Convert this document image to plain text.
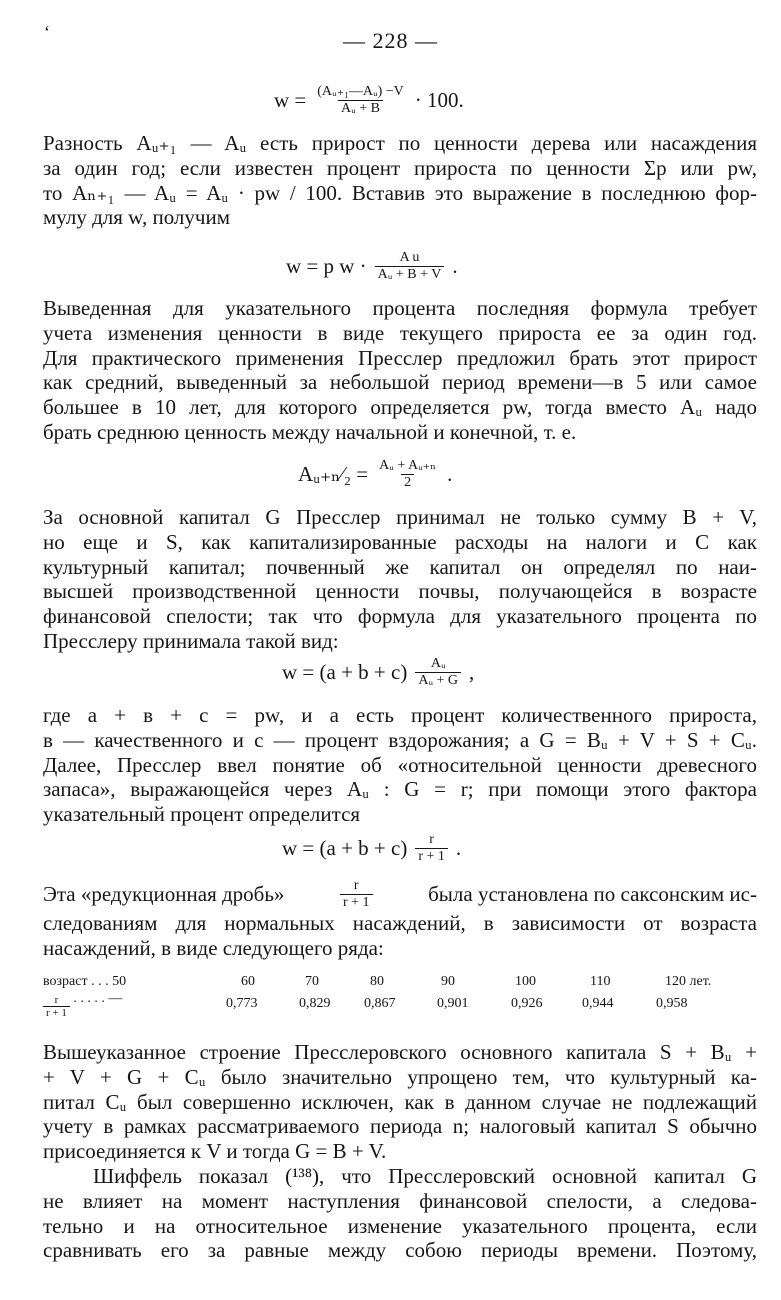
‘	— 228 —
$w = \frac{\text{(Aᵤ₊₁—Aᵤ) −V}}{\text{Aᵤ + B}} \cdot 100$.
Разность Aᵤ₊₁ — Aᵤ есть прирост по ценности дерева или насаждения
за один год; если известен процент прироста по ценности Σp или pw,
то Aₙ₊₁ — Aᵤ = Aᵤ · pw / 100. Вставив это выражение в последнюю фор-
мулу для w, получим
w = p $w \cdot \frac{\text{A u}}{\text{Aᵤ + B + V}}$ .
Выведенная для указательного процента последняя формула требует
учета изменения ценности в виде текущего прироста ее за один год.
Для практического применения Пресслер предложил брать этот прирост
как средний, выведенный за небольшой период времени—в 5 или самое
большее в 10 лет, для которого определяется pw, тогда вместо Aᵤ надо
брать среднюю ценность между начальной и конечной, т. е.
Aᵤ₊ₙ⁄₂ = $\frac{\text{Aᵤ + Aᵤ₊ₙ}}{2}$ .
За основной капитал G Пресслер принимал не только сумму B + V,
но еще и S, как капитализированные расходы на налоги и C как
культурный капитал; почвенный же капитал он определял по наи-
высшей производственной ценности почвы, получающейся в возрасте
финансовой спелости; так что формула для указательного процента по
Пресслеру принимала такой вид:
$w = (a + b + c) \frac{\text{Aᵤ}}{\text{Aᵤ + G}}$ ,
где a + в + c = pw, и a есть процент количественного прироста,
в — качественного и c — процент вздорожания; a G = Bᵤ + V + S + Cᵤ.
Далее, Пресслер ввел понятие об «относительной ценности древесного
запаса», выражающейся через Aᵤ : G = r; при помощи этого фактора
указательный процент определится
$w = (a + b + c) \frac{r}{r + 1}$ .
Эта «редукционная дробь»	$\frac{r}{r + 1}$	была установлена по саксонским ис-
следованиям для нормальных насаждений, в зависимости от возраста
насаждений, в виде следующего ряда:
возраст . . . 50	60	70	80	90	100	110	120 лет.
$\frac{r}{r + 1}$ . . . . . —	0,773	0,829 0,867	0,901	0,926	0,944	0,958
Вышеуказанное строение Пресслеровского основного капитала S + Bᵤ +
+ V + G + Cᵤ было значительно упрощено тем, что культурный ка-
питал Cᵤ был совершенно исключен, как в данном случае не подлежащий
учету в рамках рассматриваемого периода n; налоговый капитал S обычно
присоединяется к V и тогда G = B + V.
Шиффель показал (¹³⁸), что Пресслеровский основной капитал G
не влияет на момент наступления финансовой спелости, а следова-
тельно и на относительное изменение указательного процента, если
сравнивать его за равные между собою периоды времени. Поэтому,
